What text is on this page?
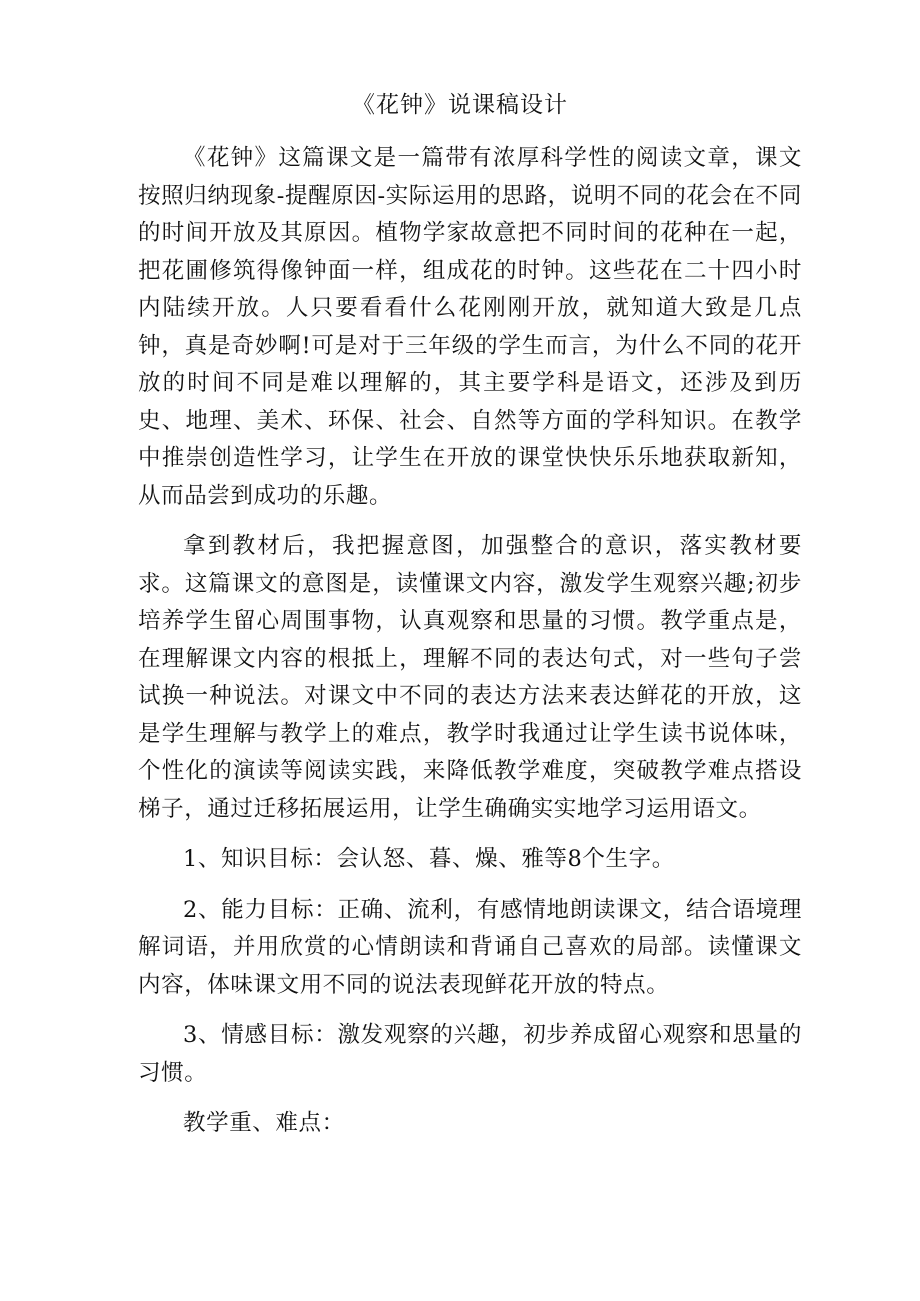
《花钟》说课稿设计

《花钟》这篇课文是一篇带有浓厚科学性的阅读文章，课文按照归纳现象-提醒原因-实际运用的思路，说明不同的花会在不同的时间开放及其原因。植物学家故意把不同时间的花种在一起，把花圃修筑得像钟面一样，组成花的时钟。这些花在二十四小时内陆续开放。人只要看看什么花刚刚开放，就知道大致是几点钟，真是奇妙啊!可是对于三年级的学生而言，为什么不同的花开放的时间不同是难以理解的，其主要学科是语文，还涉及到历史、地理、美术、环保、社会、自然等方面的学科知识。在教学中推崇创造性学习，让学生在开放的课堂快快乐乐地获取新知，从而品尝到成功的乐趣。

拿到教材后，我把握意图，加强整合的意识，落实教材要求。这篇课文的意图是，读懂课文内容，激发学生观察兴趣;初步培养学生留心周围事物，认真观察和思量的习惯。教学重点是，在理解课文内容的根抵上，理解不同的表达句式，对一些句子尝试换一种说法。对课文中不同的表达方法来表达鲜花的开放，这是学生理解与教学上的难点，教学时我通过让学生读书说体味，个性化的演读等阅读实践，来降低教学难度，突破教学难点搭设梯子，通过迁移拓展运用，让学生确确实实地学习运用语文。

1、知识目标：会认怒、暮、燥、雅等8个生字。

2、能力目标：正确、流利，有感情地朗读课文，结合语境理解词语，并用欣赏的心情朗读和背诵自己喜欢的局部。读懂课文内容，体味课文用不同的说法表现鲜花开放的特点。

3、情感目标：激发观察的兴趣，初步养成留心观察和思量的习惯。

教学重、难点：
